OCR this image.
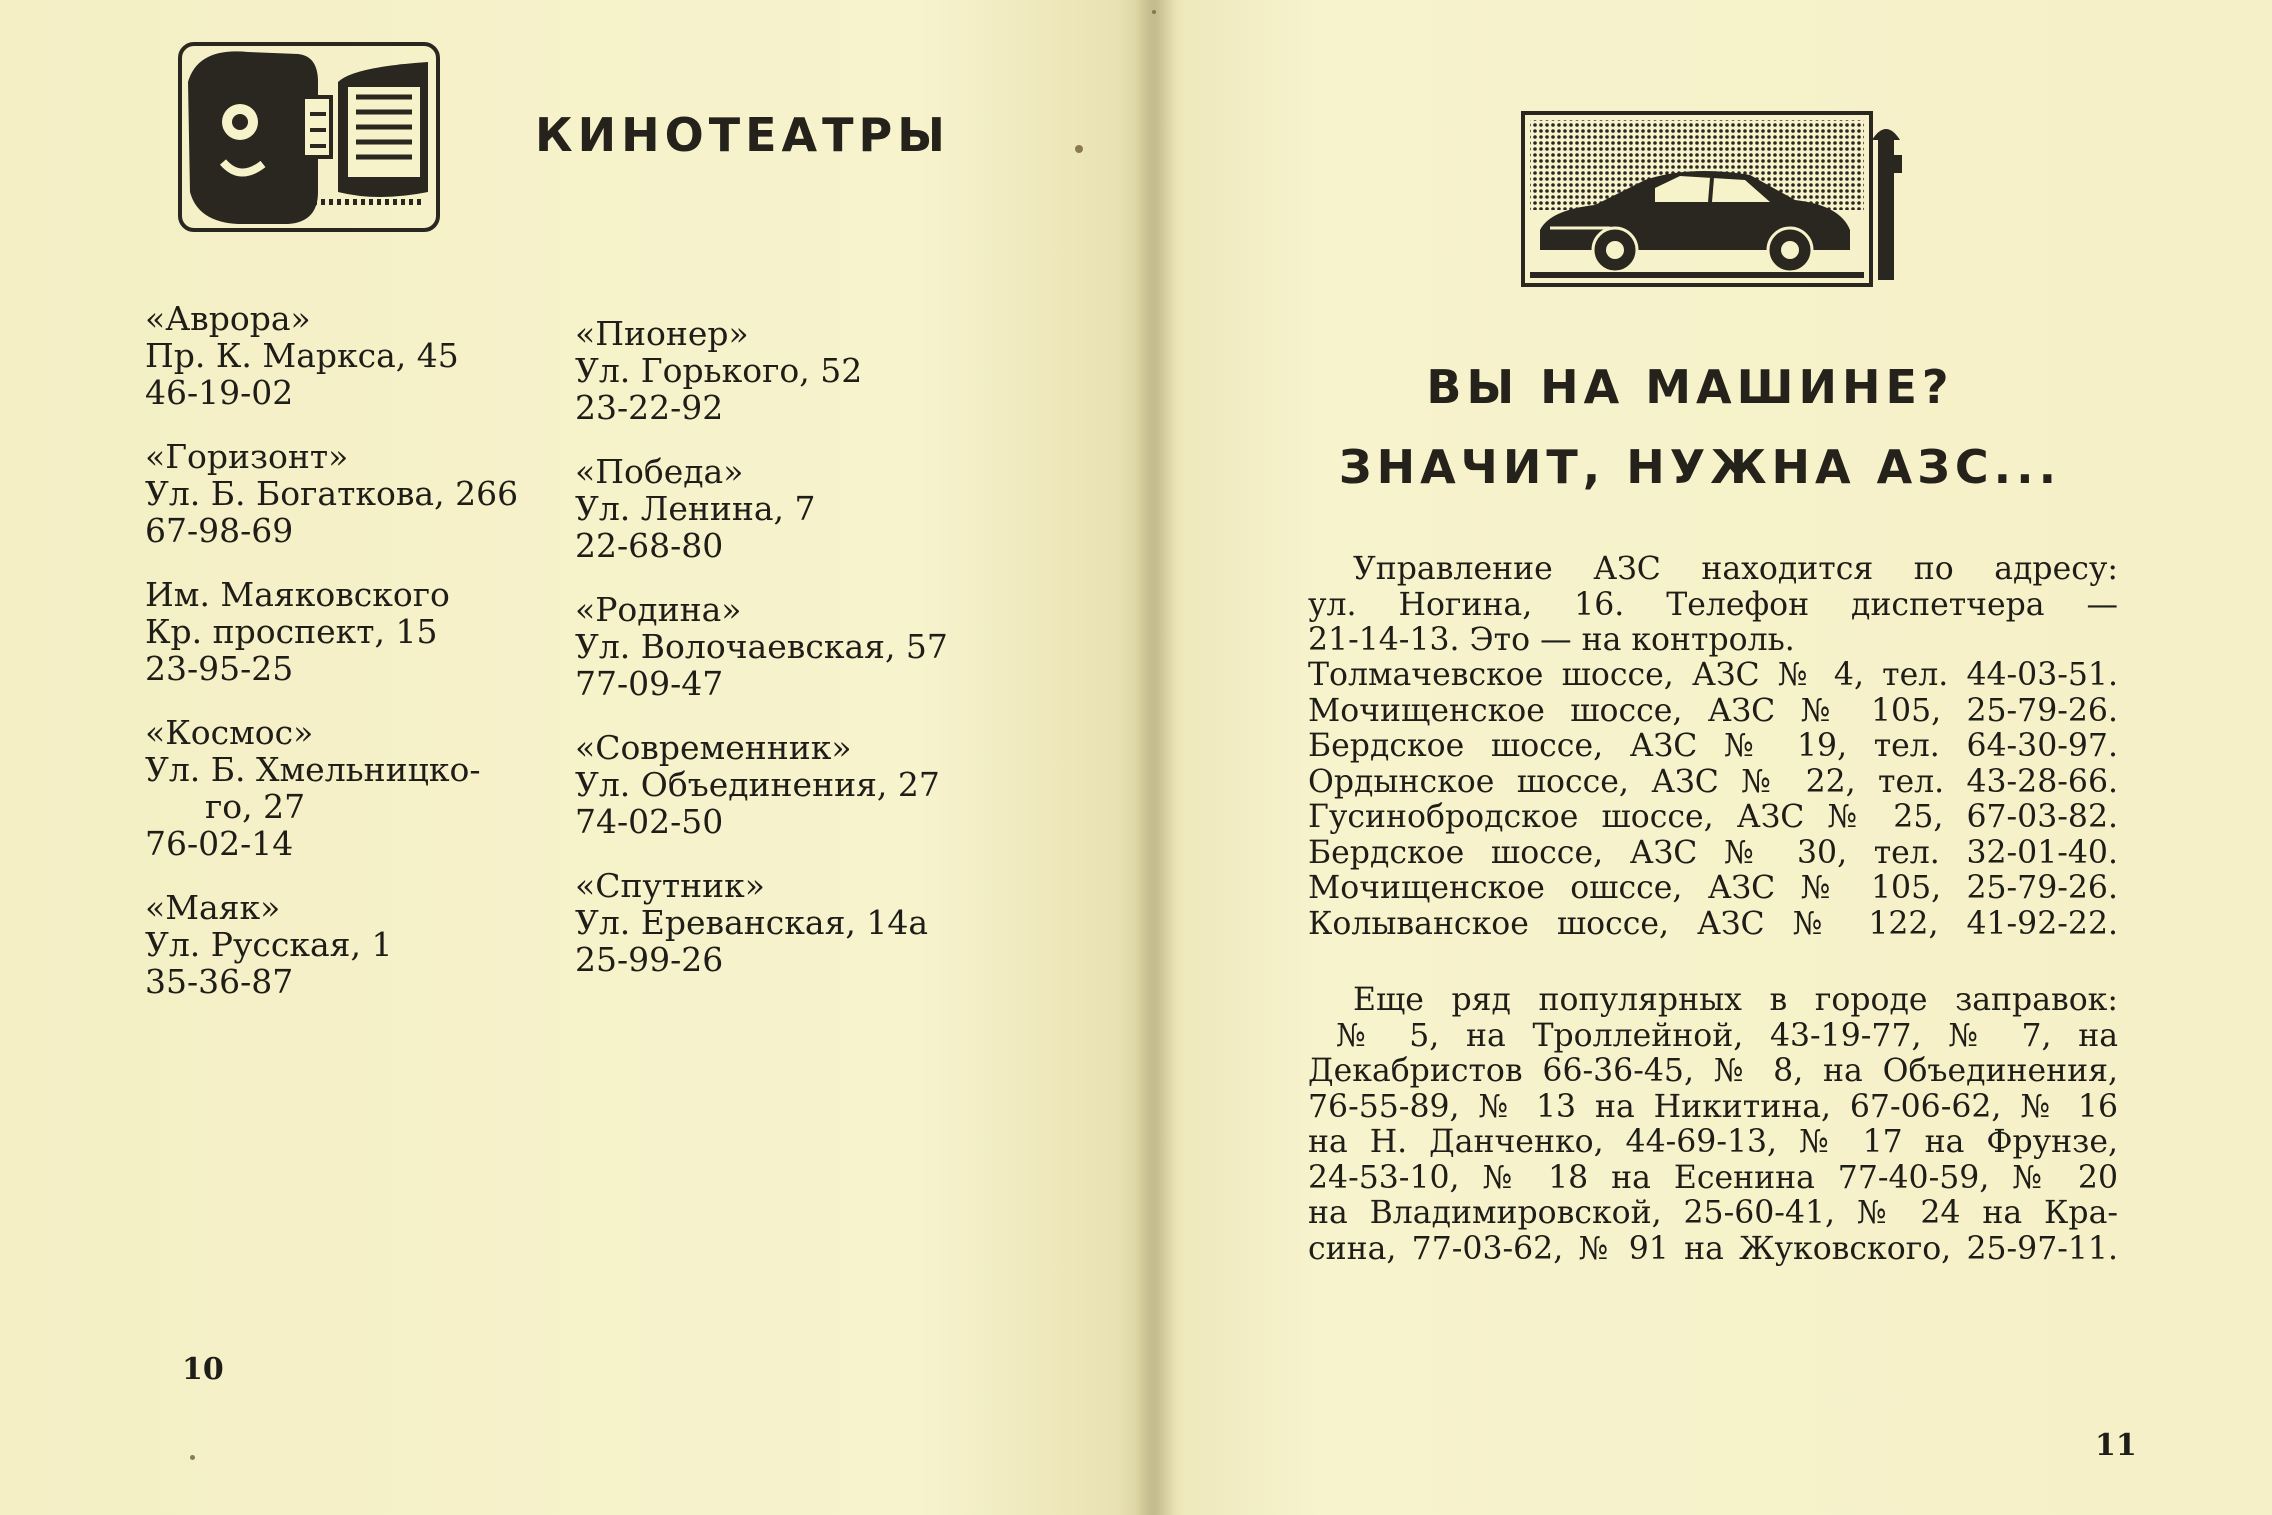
КИНОТЕАТРЫ
«Аврора»
Пр. К. Маркса, 45
46-19-02
«Горизонт»
Ул. Б. Богаткова, 266
67-98-69
Им. Маяковского
Кр. проспект, 15
23-95-25
«Космос»
Ул. Б. Хмельницко-
го, 27
76-02-14
«Маяк»
Ул. Русская, 1
35-36-87
«Пионер»
Ул. Горького, 52
23-22-92
«Победа»
Ул. Ленина, 7
22-68-80
«Родина»
Ул. Волочаевская, 57
77-09-47
«Современник»
Ул. Объединения, 27
74-02-50
«Спутник»
Ул. Ереванская, 14а
25-99-26
10
ВЫ НА МАШИНЕ?
ЗНАЧИТ, НУЖНА АЗС...
Управление АЗС находится по адресу:
ул. Ногина, 16. Телефон диспетчера —
21-14-13. Это — на контроль.
Толмачевское шоссе, АЗС № 4, тел. 44-03-51.
Мочищенское шоссе, АЗС № 105, 25-79-26.
Бердское шоссе, АЗС № 19, тел. 64-30-97.
Ордынское шоссе, АЗС № 22, тел. 43-28-66.
Гусинобродское шоссе, АЗС № 25, 67-03-82.
Бердское шоссе, АЗС № 30, тел. 32-01-40.
Мочищенское ошссе, АЗС № 105, 25-79-26.
Колыванское шоссе, АЗС № 122, 41-92-22.
Еще ряд популярных в городе заправок:
№ 5, на Троллейной, 43-19-77, № 7, на
Декабристов 66-36-45, № 8, на Объединения,
76-55-89, № 13 на Никитина, 67-06-62, № 16
на Н. Данченко, 44-69-13, № 17 на Фрунзе,
24-53-10, № 18 на Есенина 77-40-59, № 20
на Владимировской, 25-60-41, № 24 на Кра-
сина, 77-03-62, № 91 на Жуковского, 25-97-11.
11
